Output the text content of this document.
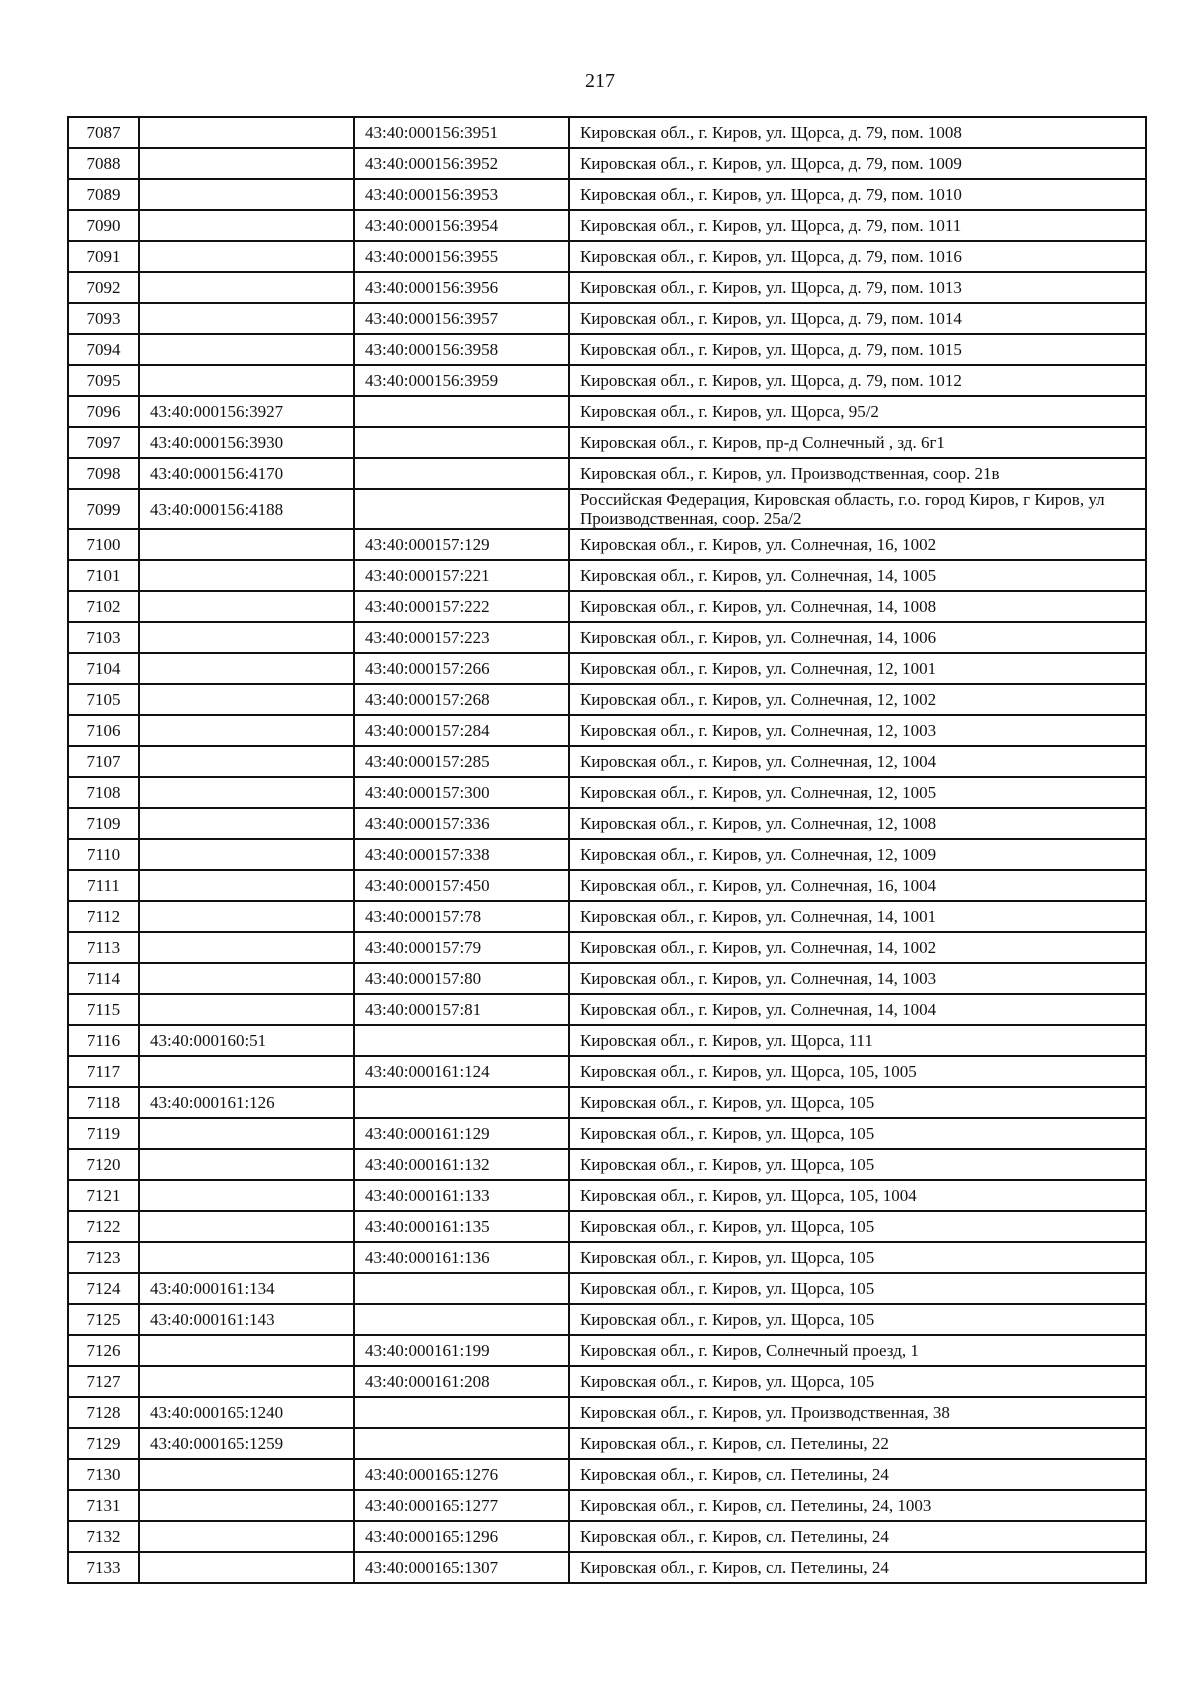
217
7087		43:40:000156:3951	Кировская обл., г. Киров, ул. Щорса, д. 79, пом. 1008
7088		43:40:000156:3952	Кировская обл., г. Киров, ул. Щорса, д. 79, пом. 1009
7089		43:40:000156:3953	Кировская обл., г. Киров, ул. Щорса, д. 79, пом. 1010
7090		43:40:000156:3954	Кировская обл., г. Киров, ул. Щорса, д. 79, пом. 1011
7091		43:40:000156:3955	Кировская обл., г. Киров, ул. Щорса, д. 79, пом. 1016
7092		43:40:000156:3956	Кировская обл., г. Киров, ул. Щорса, д. 79, пом. 1013
7093		43:40:000156:3957	Кировская обл., г. Киров, ул. Щорса, д. 79, пом. 1014
7094		43:40:000156:3958	Кировская обл., г. Киров, ул. Щорса, д. 79, пом. 1015
7095		43:40:000156:3959	Кировская обл., г. Киров, ул. Щорса, д. 79, пом. 1012
7096	43:40:000156:3927		Кировская обл., г. Киров, ул. Щорса, 95/2
7097	43:40:000156:3930		Кировская обл., г. Киров, пр-д Солнечный , зд. 6г1
7098	43:40:000156:4170		Кировская обл., г. Киров, ул. Производственная, соор. 21в
7099	43:40:000156:4188		Российская Федерация, Кировская область, г.о. город Киров, г Киров, ул Производственная, соор. 25а/2
7100		43:40:000157:129	Кировская обл., г. Киров, ул. Солнечная, 16, 1002
7101		43:40:000157:221	Кировская обл., г. Киров, ул. Солнечная, 14, 1005
7102		43:40:000157:222	Кировская обл., г. Киров, ул. Солнечная, 14, 1008
7103		43:40:000157:223	Кировская обл., г. Киров, ул. Солнечная, 14, 1006
7104		43:40:000157:266	Кировская обл., г. Киров, ул. Солнечная, 12, 1001
7105		43:40:000157:268	Кировская обл., г. Киров, ул. Солнечная, 12, 1002
7106		43:40:000157:284	Кировская обл., г. Киров, ул. Солнечная, 12, 1003
7107		43:40:000157:285	Кировская обл., г. Киров, ул. Солнечная, 12, 1004
7108		43:40:000157:300	Кировская обл., г. Киров, ул. Солнечная, 12, 1005
7109		43:40:000157:336	Кировская обл., г. Киров, ул. Солнечная, 12, 1008
7110		43:40:000157:338	Кировская обл., г. Киров, ул. Солнечная, 12, 1009
7111		43:40:000157:450	Кировская обл., г. Киров, ул. Солнечная, 16, 1004
7112		43:40:000157:78	Кировская обл., г. Киров, ул. Солнечная, 14, 1001
7113		43:40:000157:79	Кировская обл., г. Киров, ул. Солнечная, 14, 1002
7114		43:40:000157:80	Кировская обл., г. Киров, ул. Солнечная, 14, 1003
7115		43:40:000157:81	Кировская обл., г. Киров, ул. Солнечная, 14, 1004
7116	43:40:000160:51		Кировская обл., г. Киров, ул. Щорса, 111
7117		43:40:000161:124	Кировская обл., г. Киров, ул. Щорса, 105, 1005
7118	43:40:000161:126		Кировская обл., г. Киров, ул. Щорса, 105
7119		43:40:000161:129	Кировская обл., г. Киров, ул. Щорса, 105
7120		43:40:000161:132	Кировская обл., г. Киров, ул. Щорса, 105
7121		43:40:000161:133	Кировская обл., г. Киров, ул. Щорса, 105, 1004
7122		43:40:000161:135	Кировская обл., г. Киров, ул. Щорса, 105
7123		43:40:000161:136	Кировская обл., г. Киров, ул. Щорса, 105
7124	43:40:000161:134		Кировская обл., г. Киров, ул. Щорса, 105
7125	43:40:000161:143		Кировская обл., г. Киров, ул. Щорса, 105
7126		43:40:000161:199	Кировская обл., г. Киров, Солнечный проезд, 1
7127		43:40:000161:208	Кировская обл., г. Киров, ул. Щорса, 105
7128	43:40:000165:1240		Кировская обл., г. Киров, ул. Производственная, 38
7129	43:40:000165:1259		Кировская обл., г. Киров, сл. Петелины, 22
7130		43:40:000165:1276	Кировская обл., г. Киров, сл. Петелины, 24
7131		43:40:000165:1277	Кировская обл., г. Киров, сл. Петелины, 24, 1003
7132		43:40:000165:1296	Кировская обл., г. Киров, сл. Петелины, 24
7133		43:40:000165:1307	Кировская обл., г. Киров, сл. Петелины, 24
